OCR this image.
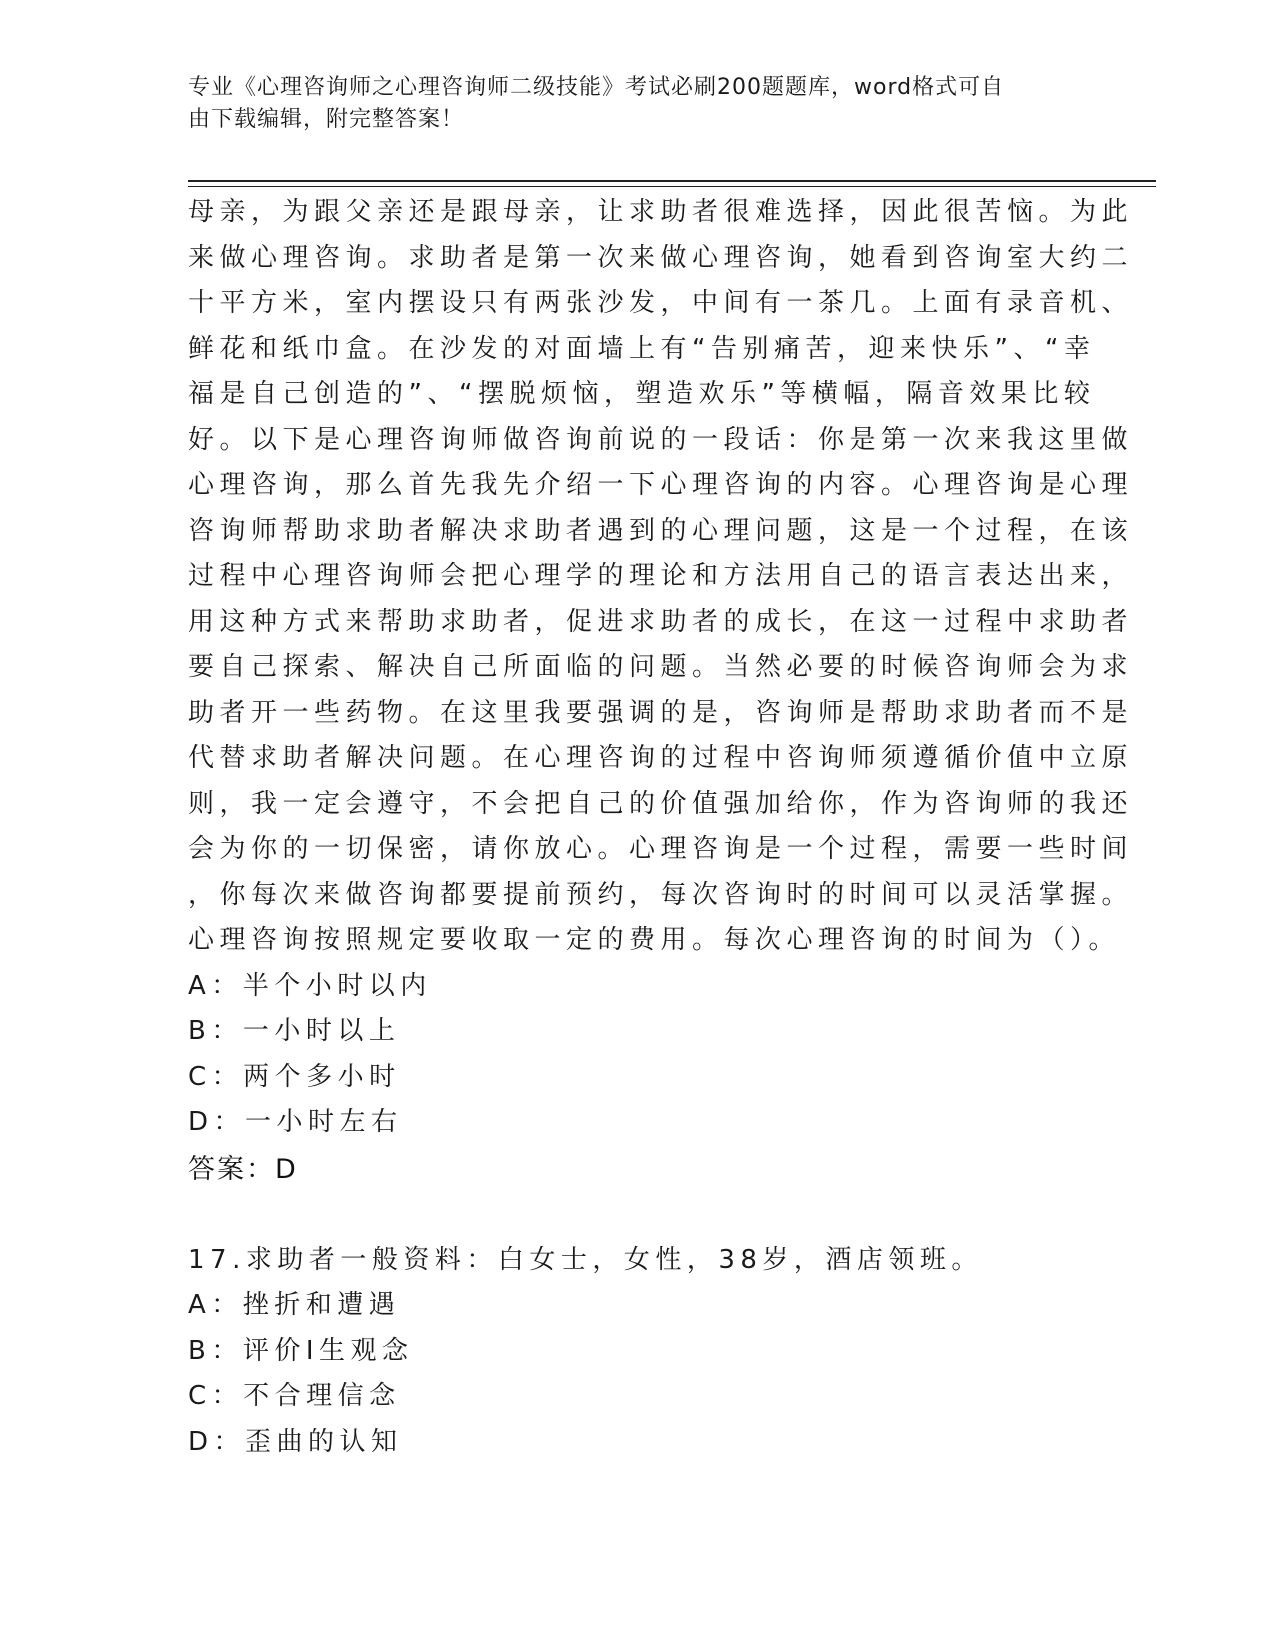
专业《心理咨询师之心理咨询师二级技能》考试必刷200题题库，word格式可自
由下载编辑，附完整答案！
母亲，为跟父亲还是跟母亲，让求助者很难选择，因此很苦恼。为此
来做心理咨询。求助者是第一次来做心理咨询，她看到咨询室大约二
十平方米，室内摆设只有两张沙发，中间有一茶几。上面有录音机、
鲜花和纸巾盒。在沙发的对面墙上有“告别痛苦，迎来快乐”、“幸
福是自己创造的”、“摆脱烦恼，塑造欢乐”等横幅，隔音效果比较
好。以下是心理咨询师做咨询前说的一段话：你是第一次来我这里做
心理咨询，那么首先我先介绍一下心理咨询的内容。心理咨询是心理
咨询师帮助求助者解决求助者遇到的心理问题，这是一个过程，在该
过程中心理咨询师会把心理学的理论和方法用自己的语言表达出来，
用这种方式来帮助求助者，促进求助者的成长，在这一过程中求助者
要自己探索、解决自己所面临的问题。当然必要的时候咨询师会为求
助者开一些药物。在这里我要强调的是，咨询师是帮助求助者而不是
代替求助者解决问题。在心理咨询的过程中咨询师须遵循价值中立原
则，我一定会遵守，不会把自己的价值强加给你，作为咨询师的我还
会为你的一切保密，请你放心。心理咨询是一个过程，需要一些时间
，你每次来做咨询都要提前预约，每次咨询时的时间可以灵活掌握。
心理咨询按照规定要收取一定的费用。每次心理咨询的时间为（）。
A：半个小时以内
B：一小时以上
C：两个多小时
D：一小时左右
答案：D
17.求助者一般资料：白女士，女性，38岁，酒店领班。
A：挫折和遭遇
B：评价I生观念
C：不合理信念
D：歪曲的认知
